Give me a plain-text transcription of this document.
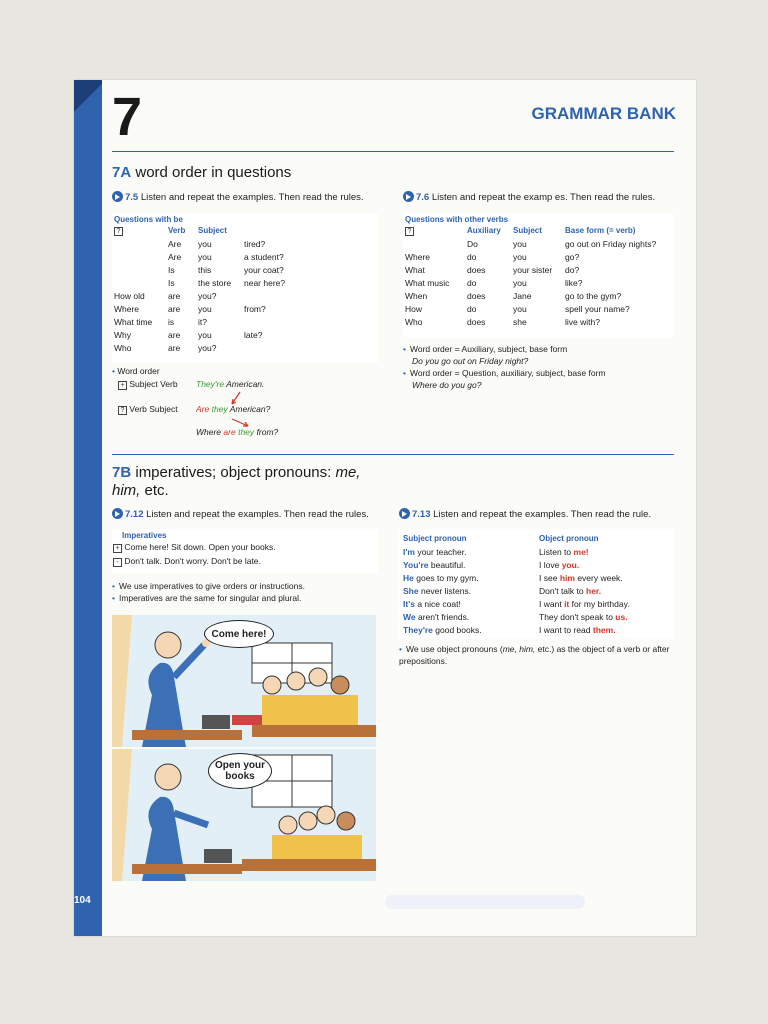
104
7	GRAMMAR BANK
7A word order in questions
7.5 Listen and repeat the examples. Then read the rules.	7.6 Listen and repeat the examp es. Then read the rules.
Questions with be
?	Verb	Subject	
	Are	you	tired?
	Are	you	a student?
	Is	this	your coat?
	Is	the store	near here?
How old	are	you?	
Where	are	you	from?
What time	is	it?	
Why	are	you	late?
Who	are	you?	
Questions with other verbs
?	Auxiliary	Subject	Base form (= verb)
	Do	you	go out on Friday nights?
Where	do	you	go?
What	does	your sister	do?
What music	do	you	like?
When	does	Jane	go to the gym?
How	do	you	spell your name?
Who	does	she	live with?
• Word order = Auxiliary, subject, base form
Do you go out on Friday night?
• Word order = Question, auxiliary, subject, base form
Where do you go?
• Word order
+ Subject Verb They're American.
? Verb Subject Are they American?
Where are they from?
7B imperatives; object pronouns: me, him, etc.
7.12 Listen and repeat the examples. Then read the rules.	7.13 Listen and repeat the examples. Then read the rule.
Imperatives
+ Come here! Sit down. Open your books.
- Don't talk. Don't worry. Don't be late.
• We use imperatives to give orders or instructions.
• Imperatives are the same for singular and plural.
Subject pronoun	Object pronoun
I'm your teacher.	Listen to me!
You're beautiful.	I love you.
He goes to my gym.	I see him every week.
She never listens.	Don't talk to her.
It's a nice coat!	I want it for my birthday.
We aren't friends.	They don't speak to us.
They're good books.	I want to read them.
• We use object pronouns (me, him, etc.) as the object of a verb or after prepositions.
Come here!
Open your books
